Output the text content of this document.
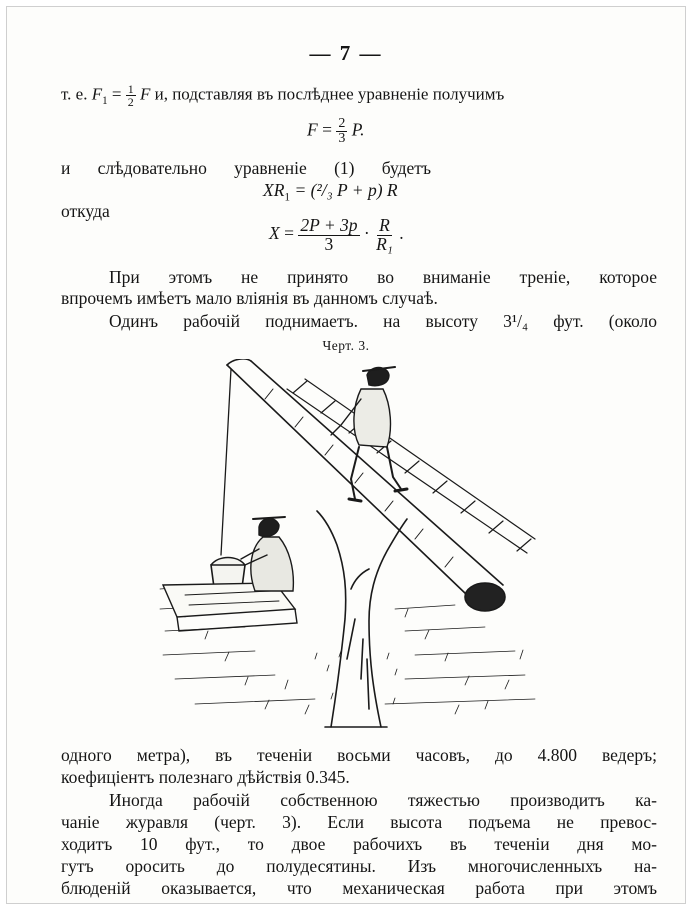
— 7 —
т. е. $F_1 = \frac{1}{2}$ F и, подставляя въ послѣднее уравненіе получимъ
$F = \frac{2}{3} P$.
и слѣдовательно уравненіе (1) будетъ
$XR_1 = (^2/_3$ P + p) R
откуда
$X = \frac{2P + 3p}{3} \cdot \frac{R}{\text{R₁}}$ .
При этомъ не принято во вниманіе треніе, которое
впрочемъ имѣетъ мало вліянія въ данномъ случаѣ.
Одинъ рабочій поднимаетъ. на высоту 3¹/₄ фут. (около
Черт. 3.
одного метра), въ теченіи восьми часовъ, до 4.800 ведеръ;
коефиціентъ полезнаго дѣйствія 0.345.
Иногда рабочій собственною тяжестью производитъ ка-
чаніе журавля (черт. 3). Если высота подъема не превос-
ходитъ 10 фут., то двое рабочихъ въ теченіи дня мо-
гутъ оросить до полудесятины. Изъ многочисленныхъ на-
блюденій оказывается, что механическая работа при этомъ
